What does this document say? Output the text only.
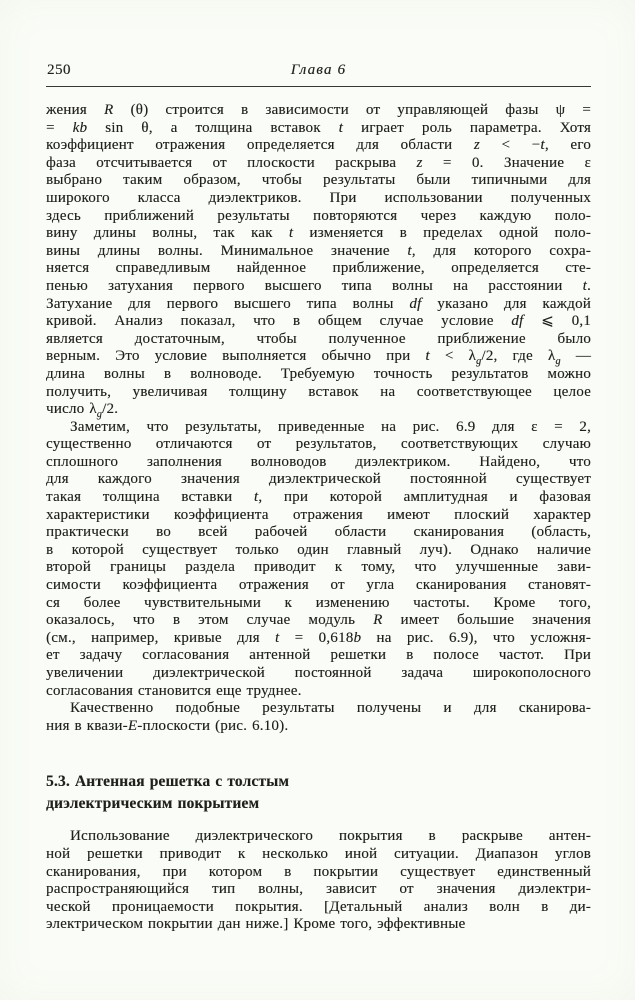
250	Глава 6

жения R (θ) строится в зависимости от управляющей фазы ψ =
= kb sin θ, а толщина вставок t играет роль параметра. Хотя
коэффициент отражения определяется для области z < −t, его
фаза отсчитывается от плоскости раскрыва z = 0. Значение ε
выбрано таким образом, чтобы результаты были типичными для
широкого класса диэлектриков. При использовании полученных
здесь приближений результаты повторяются через каждую поло-
вину длины волны, так как t изменяется в пределах одной поло-
вины длины волны. Минимальное значение t, для которого сохра-
няется справедливым найденное приближение, определяется сте-
пенью затухания первого высшего типа волны на расстоянии t.
Затухание для первого высшего типа волны df указано для каждой
кривой. Анализ показал, что в общем случае условие df ⩽ 0,1
является достаточным, чтобы полученное приближение было
верным. Это условие выполняется обычно при $t < \lambda_g/2$, где $\lambda_g$ —
длина волны в волноводе. Требуемую точность результатов можно
получить, увеличивая толщину вставок на соответствующее целое
число $\lambda_g/2$.

Заметим, что результаты, приведенные на рис. 6.9 для ε = 2,
существенно отличаются от результатов, соответствующих случаю
сплошного заполнения волноводов диэлектриком. Найдено, что
для каждого значения диэлектрической постоянной существует
такая толщина вставки t, при которой амплитудная и фазовая
характеристики коэффициента отражения имеют плоский характер
практически во всей рабочей области сканирования (область,
в которой существует только один главный луч). Однако наличие
второй границы раздела приводит к тому, что улучшенные зави-
симости коэффициента отражения от угла сканирования становят-
ся более чувствительными к изменению частоты. Кроме того,
оказалось, что в этом случае модуль R имеет большие значения
(см., например, кривые для t = 0,618b на рис. 6.9), что усложня-
ет задачу согласования антенной решетки в полосе частот. При
увеличении диэлектрической постоянной задача широкополосного
согласования становится еще труднее.

Качественно подобные результаты получены и для сканирова-
ния в квази-E-плоскости (рис. 6.10).

5.3. Антенная решетка с толстым
диэлектрическим покрытием

Использование диэлектрического покрытия в раскрыве антен-
ной решетки приводит к несколько иной ситуации. Диапазон углов
сканирования, при котором в покрытии существует единственный
распространяющийся тип волны, зависит от значения диэлектри-
ческой проницаемости покрытия. [Детальный анализ волн в ди-
электрическом покрытии дан ниже.] Кроме того, эффективные
